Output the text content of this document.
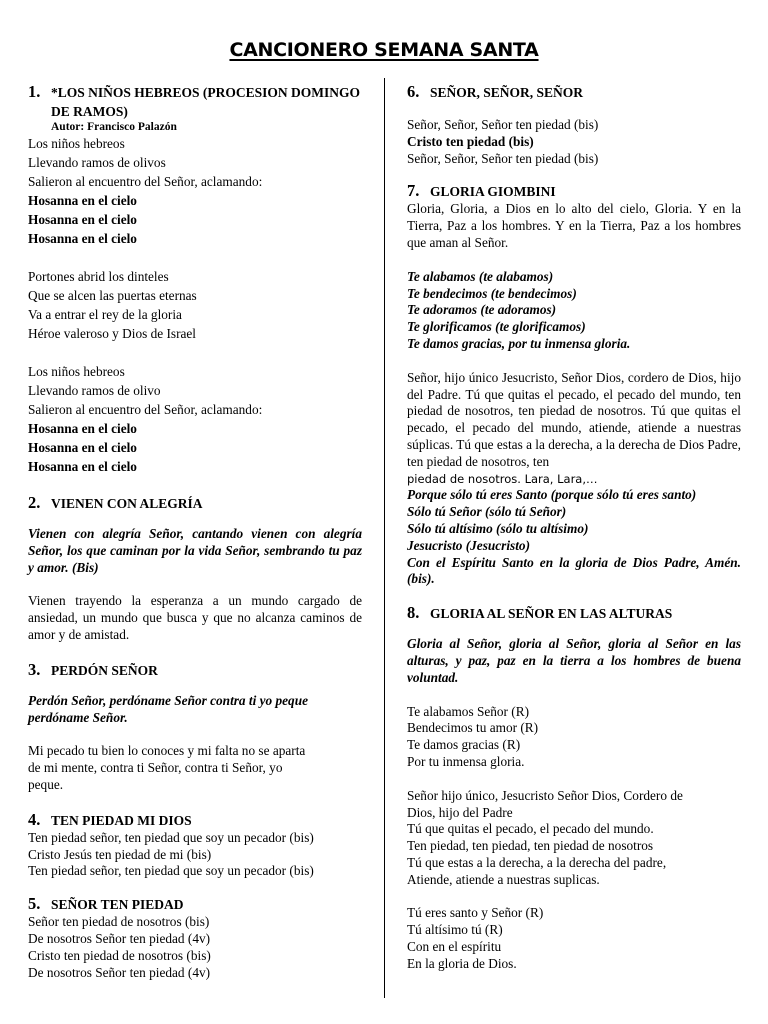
CANCIONERO SEMANA SANTA
1. *LOS NIÑOS HEBREOS (PROCESION DOMINGO DE RAMOS)
Autor: Francisco Palazón
Los niños hebreos
Llevando ramos de olivos
Salieron al encuentro del Señor, aclamando:
Hosanna en el cielo
Hosanna en el cielo
Hosanna en el cielo
Portones abrid los dinteles
Que se alcen las puertas eternas
Va a entrar el rey de la gloria
Héroe valeroso y Dios de Israel
Los niños hebreos
Llevando ramos de olivo
Salieron al encuentro del Señor, aclamando:
Hosanna en el cielo
Hosanna en el cielo
Hosanna en el cielo
2. VIENEN CON ALEGRÍA
Vienen con alegría Señor, cantando vienen con alegría Señor, los que caminan por la vida Señor, sembrando tu paz y amor. (Bis)
Vienen trayendo la esperanza a un mundo cargado de ansiedad, un mundo que busca y que no alcanza caminos de amor y de amistad.
3. PERDÓN SEÑOR
Perdón Señor, perdóname Señor contra ti yo peque perdóname Señor.
Mi pecado tu bien lo conoces y mi falta no se aparta
de mi mente, contra ti Señor, contra ti Señor, yo
peque.
4. TEN PIEDAD MI DIOS
Ten piedad señor, ten piedad que soy un pecador (bis)
Cristo Jesús ten piedad de mi (bis)
Ten piedad señor, ten piedad que soy un pecador (bis)
5. SEÑOR TEN PIEDAD
Señor ten piedad de nosotros (bis)
De nosotros Señor ten piedad (4v)
Cristo ten piedad de nosotros (bis)
De nosotros Señor ten piedad (4v)
6. SEÑOR, SEÑOR, SEÑOR
Señor, Señor, Señor ten piedad (bis)
Cristo ten piedad (bis)
Señor, Señor, Señor ten piedad (bis)
7. GLORIA GIOMBINI
Gloria, Gloria, a Dios en lo alto del cielo, Gloria. Y en la Tierra, Paz a los hombres. Y en la Tierra, Paz a los hombres que aman al Señor.
Te alabamos (te alabamos)
Te bendecimos (te bendecimos)
Te adoramos (te adoramos)
Te glorificamos (te glorificamos)
Te damos gracias, por tu inmensa gloria.
Señor, hijo único Jesucristo, Señor Dios, cordero de Dios, hijo del Padre. Tú que quitas el pecado, el pecado del mundo, ten piedad de nosotros, ten piedad de nosotros. Tú que quitas el pecado, el pecado del mundo, atiende, atiende a nuestras súplicas. Tú que estas a la derecha, a la derecha de Dios Padre, ten piedad de nosotros, ten
piedad de nosotros. Lara, Lara,…
Porque sólo tú eres Santo (porque sólo tú eres santo)
Sólo tú Señor (sólo tú Señor)
Sólo tú altísimo (sólo tu altísimo)
Jesucristo (Jesucristo)
Con el Espíritu Santo en la gloria de Dios Padre, Amén. (bis).
8. GLORIA AL SEÑOR EN LAS ALTURAS
Gloria al Señor, gloria al Señor, gloria al Señor en las alturas, y paz, paz en la tierra a los hombres de buena voluntad.
Te alabamos Señor (R)
Bendecimos tu amor (R)
Te damos gracias (R)
Por tu inmensa gloria.
Señor hijo único, Jesucristo Señor Dios, Cordero de
Dios, hijo del Padre
Tú que quitas el pecado, el pecado del mundo.
Ten piedad, ten piedad, ten piedad de nosotros
Tú que estas a la derecha, a la derecha del padre,
Atiende, atiende a nuestras suplicas.
Tú eres santo y Señor (R)
Tú altísimo tú (R)
Con en el espíritu
En la gloria de Dios.
